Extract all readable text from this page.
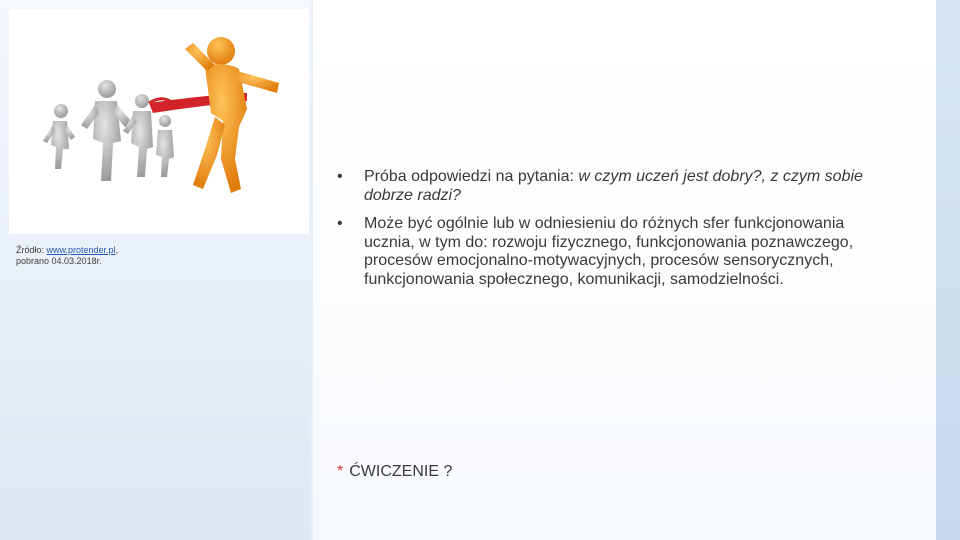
Źródło: www.protender.pl,
pobrano 04.03.2018r.
• Próba odpowiedzi na pytania: w czym uczeń jest dobry?, z czym sobie dobrze radzi?
• Może być ogólnie lub w odniesieniu do różnych sfer funkcjonowania ucznia, w tym do: rozwoju fizycznego, funkcjonowania poznawczego, procesów emocjonalno-motywacyjnych, procesów sensorycznych, funkcjonowania społecznego, komunikacji, samodzielności.
* ĆWICZENIE ?
